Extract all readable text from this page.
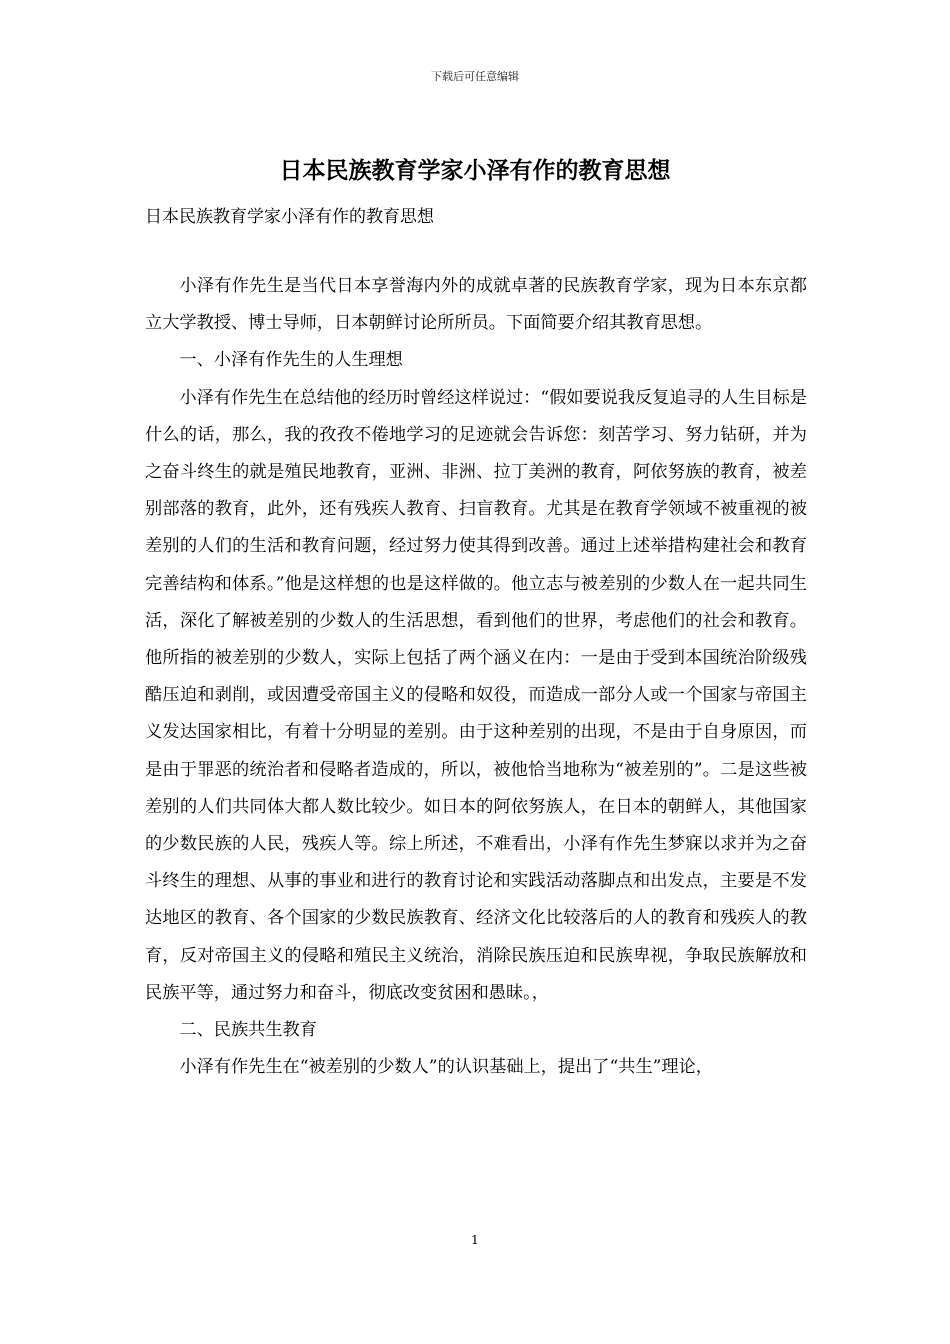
下载后可任意编辑
日本民族教育学家小泽有作的教育思想
日本民族教育学家小泽有作的教育思想

小泽有作先生是当代日本享誉海内外的成就卓著的民族教育学家，现为日本东京都立大学教授、博士导师，日本朝鲜讨论所所员。下面简要介绍其教育思想。

一、小泽有作先生的人生理想

小泽有作先生在总结他的经历时曾经这样说过：“假如要说我反复追寻的人生目标是什么的话，那么，我的孜孜不倦地学习的足迹就会告诉您：刻苦学习、努力钻研，并为之奋斗终生的就是殖民地教育，亚洲、非洲、拉丁美洲的教育，阿依努族的教育，被差别部落的教育，此外，还有残疾人教育、扫盲教育。尤其是在教育学领域不被重视的被差别的人们的生活和教育问题，经过努力使其得到改善。通过上述举措构建社会和教育完善结构和体系。”他是这样想的也是这样做的。他立志与被差别的少数人在一起共同生活，深化了解被差别的少数人的生活思想，看到他们的世界，考虑他们的社会和教育。他所指的被差别的少数人，实际上包括了两个涵义在内：一是由于受到本国统治阶级残酷压迫和剥削，或因遭受帝国主义的侵略和奴役，而造成一部分人或一个国家与帝国主义发达国家相比，有着十分明显的差别。由于这种差别的出现，不是由于自身原因，而是由于罪恶的统治者和侵略者造成的，所以，被他恰当地称为“被差别的”。二是这些被差别的人们共同体大都人数比较少。如日本的阿依努族人，在日本的朝鲜人，其他国家的少数民族的人民，残疾人等。综上所述，不难看出，小泽有作先生梦寐以求并为之奋斗终生的理想、从事的事业和进行的教育讨论和实践活动落脚点和出发点，主要是不发达地区的教育、各个国家的少数民族教育、经济文化比较落后的人的教育和残疾人的教育，反对帝国主义的侵略和殖民主义统治，消除民族压迫和民族卑视，争取民族解放和民族平等，通过努力和奋斗，彻底改变贫困和愚昧。，

二、民族共生教育

小泽有作先生在“被差别的少数人”的认识基础上，提出了“共生”理论，

1
